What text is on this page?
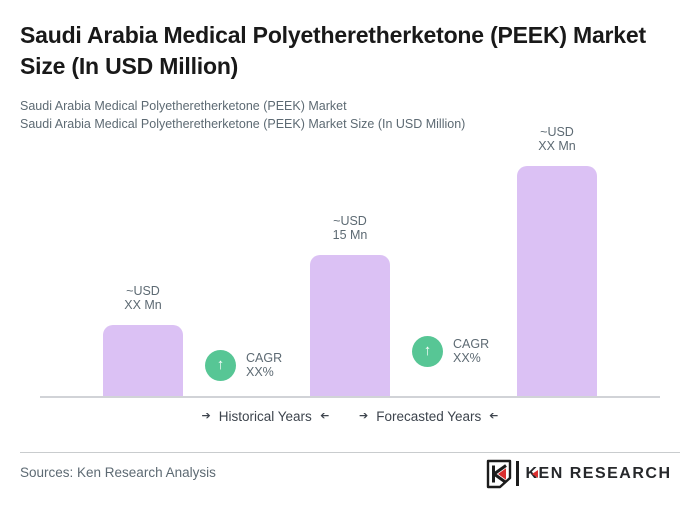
Saudi Arabia Medical Polyetheretherketone (PEEK) Market Size (In USD Million)
Saudi Arabia Medical Polyetheretherketone (PEEK) Market
Saudi Arabia Medical Polyetheretherketone (PEEK) Market Size (In USD Million)
~USD
XX Mn
~USD
15 Mn
~USD
XX Mn
↑ CAGR
XX%
↑ CAGR
XX%
➔ Historical Years ➔	➔ Forecasted Years ➔
Sources: Ken Research Analysis	KEN RESEARCH
